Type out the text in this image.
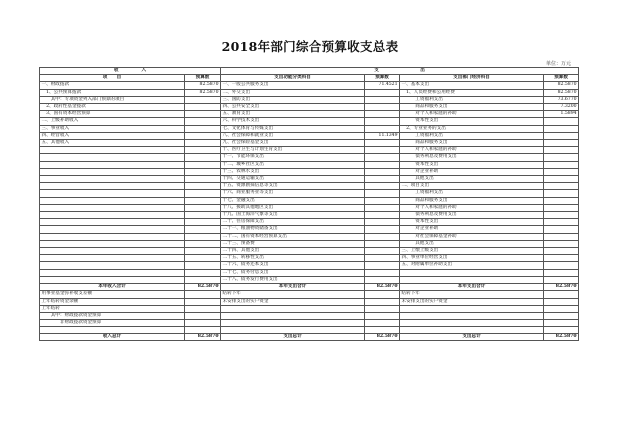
2018年部门综合预算收支总表
单位：万元
收　　　　　入		支　　　　　　　　　出			
项　　目	预算数	支出功能分类科目	预算数	支出部门经济科目	预算数
一、财政拨款	82.5870	一、一般公共服务支出	71.4521	一、基本支出	82.5870
　1、公共预算拨款	82.5870	二、外交支出		　1、人员经费和公用经费	82.5870
　　其中：专项资金列入部门预算的项目		三、国防支出		　　　工资福利支出	73.6770
　2、政府性基金拨款		四、公共安全支出		　　　商品和服务支出	7.3200
　3、国有资本经营预算		五、教育支出		　　　对个人和家庭的补助	1.5894
二、上级补助收入		六、科学技术支出		　　　资本性支出	
三、事业收入		七、文化体育与传媒支出		　2、专业业务的支出	
四、经营收入		八、社会保障和就业支出	11.1349	　　　工资福利支出	
五、其他收入		九、社会保险基金支出		　　　商品和服务支出	
		十、医疗卫生与计划生育支出		　　　对个人和家庭的补助	
		十一、节能环保支出		　　　债务利息及费用支出	
		十二、城乡社区支出		　　　资本性支出	
		十三、农林水支出		　　　对企业补助	
		十四、交通运输支出		　　　其他支出	
		十五、资源勘探信息等支出		二、项目支出	
		十六、商业服务业等支出		　　　工资福利支出	
		十七、金融支出		　　　商品和服务支出	
		十八、援助其他地区支出		　　　对个人和家庭的补助	
		十九、国土海洋气象等支出		　　　债务利息及费用支出	
		二十、住房保障支出		　　　资本性支出	
		二十一、粮油物资储备支出		　　　对企业补助	
		二十二、国有资本经营预算支出		　　　对社会保障基金补助	
		二十三、预备费		　　　其他支出	
		二十四、其他支出		三、上缴上级支出	
		二十五、转移性支出		四、事业单位经营支出	
		二十六、债务还本支出		五、对附属单位补助支出	
		二十七、债务付息支出			
		二十八、债务发行费用支出			
本年收入合计	82.5870	本年支出合计	82.5870	本年支出合计	82.5870
用事业基金弥补收支差额		结转下年		结转下年	
上年结转资金余额		未安排支出的实户资金		未安排支出的实户资金	
上年结转					
　　其中：财政拨款资金预算					
　　　　非财政拨款资金预算					

收入总计	82.5870	支出总计	82.5870	支出总计	82.5870
